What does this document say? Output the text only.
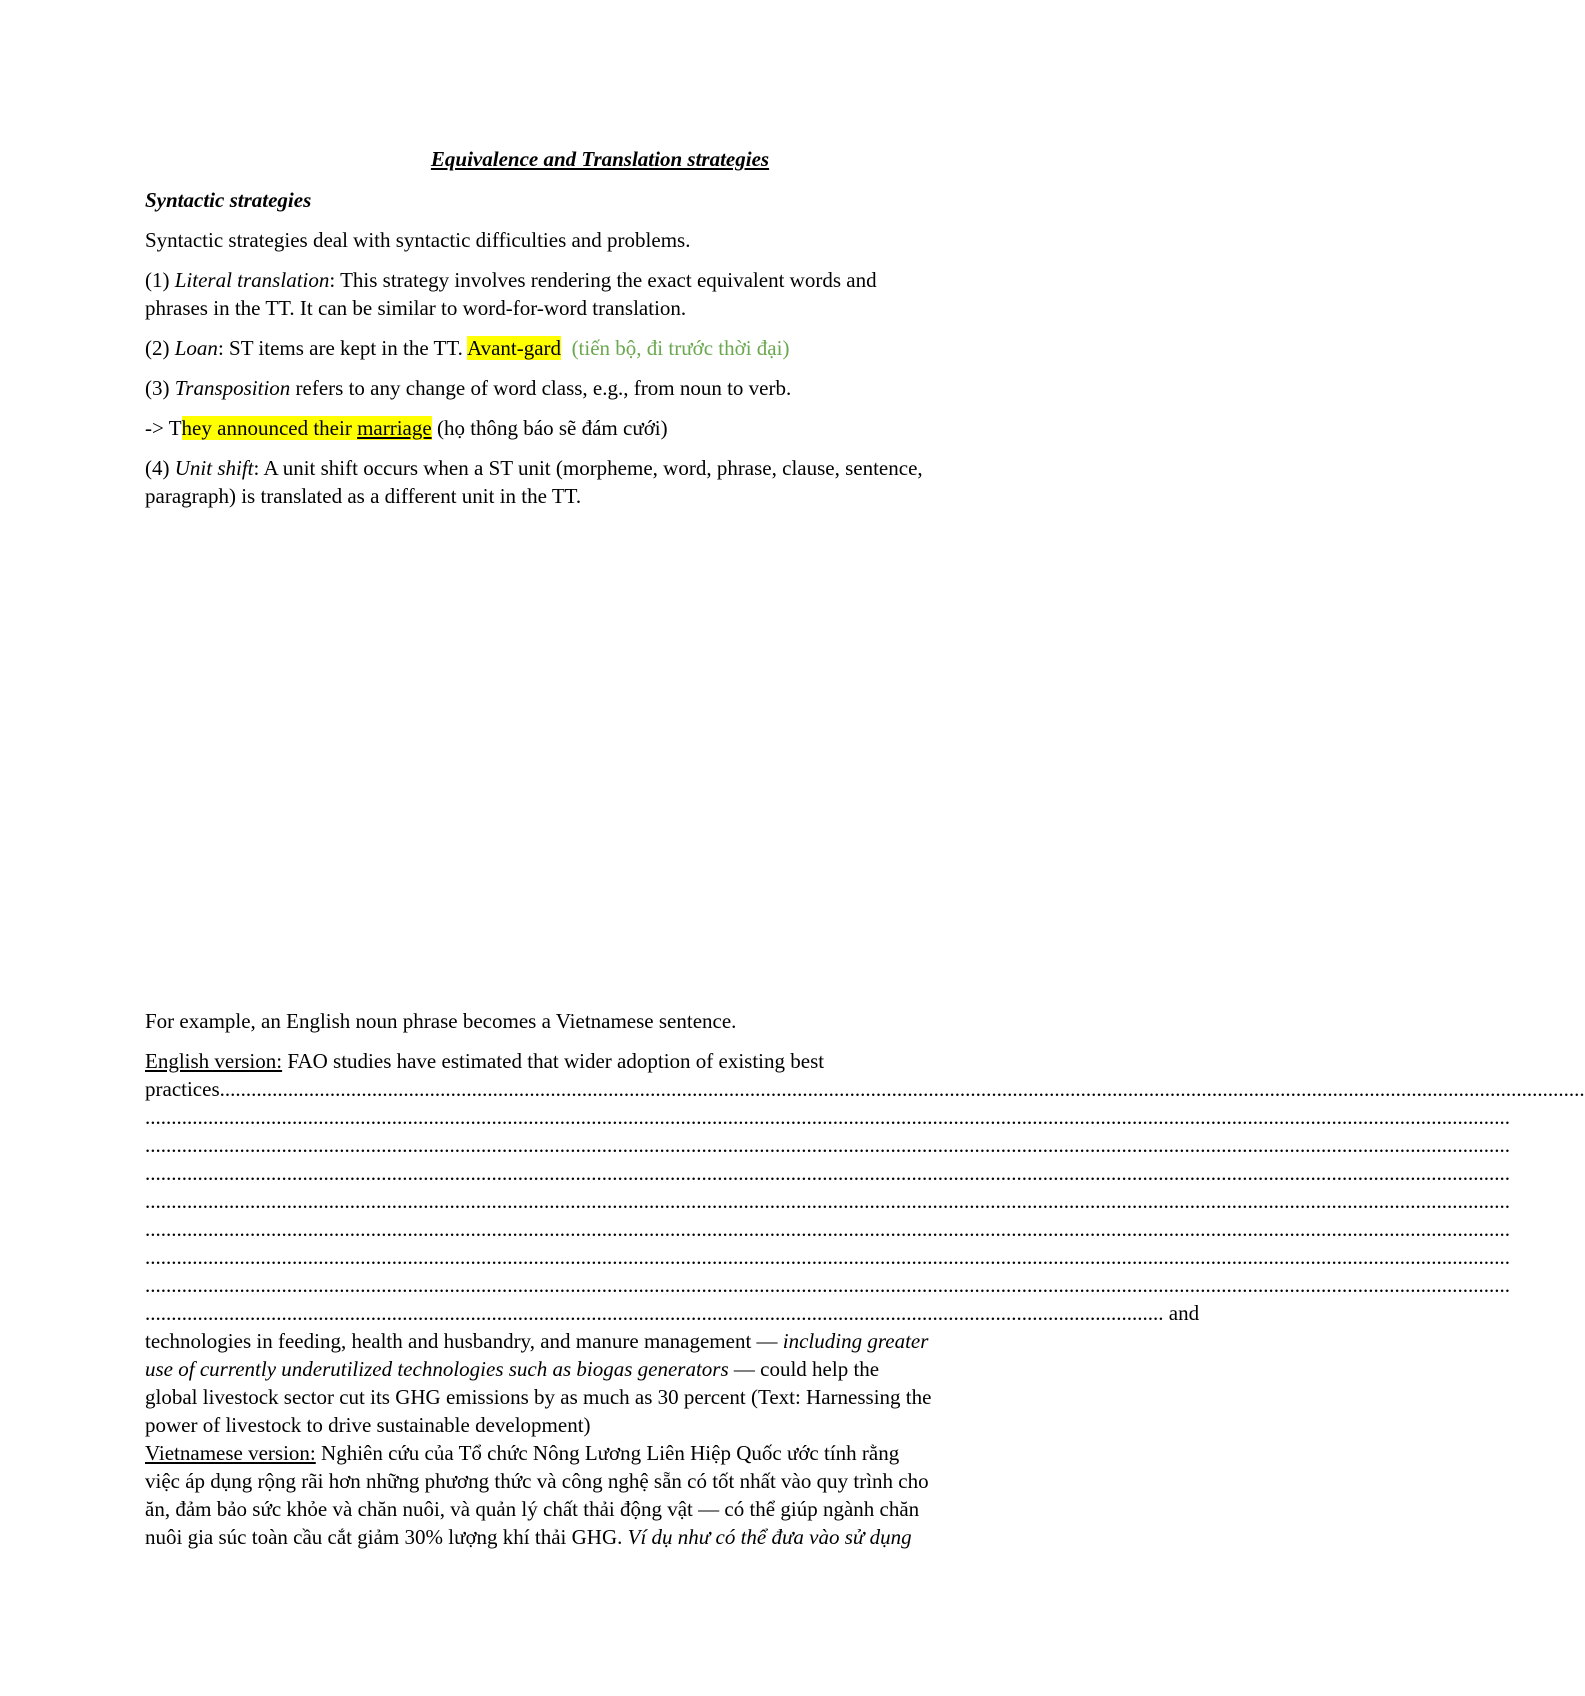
Equivalence and Translation strategies
Syntactic strategies
Syntactic strategies deal with syntactic difficulties and problems.
(1) Literal translation: This strategy involves rendering the exact equivalent words and
phrases in the TT. It can be similar to word-for-word translation.
(2) Loan: ST items are kept in the TT. Avant-gard (tiến bộ, đi trước thời đại)
(3) Transposition refers to any change of word class, e.g., from noun to verb.
-> They announced their marriage (họ thông báo sẽ đám cưới)
(4) Unit shift: A unit shift occurs when a ST unit (morpheme, word, phrase, clause, sentence,
paragraph) is translated as a different unit in the TT.
For example, an English noun phrase becomes a Vietnamese sentence.
English version: FAO studies have estimated that wider adoption of existing best

practices....................................................................................................................................................................................................................................................................
....................................................................................................................................................................................................................................................................
....................................................................................................................................................................................................................................................................
....................................................................................................................................................................................................................................................................
....................................................................................................................................................................................................................................................................
....................................................................................................................................................................................................................................................................
....................................................................................................................................................................................................................................................................
....................................................................................................................................................................................................................................................................
.................................................................................................................................................................................................. and
technologies in feeding, health and husbandry, and manure management — including greater
use of currently underutilized technologies such as biogas generators — could help the
global livestock sector cut its GHG emissions by as much as 30 percent (Text: Harnessing the
power of livestock to drive sustainable development)
Vietnamese version: Nghiên cứu của Tổ chức Nông Lương Liên Hiệp Quốc ước tính rằng
việc áp dụng rộng rãi hơn những phương thức và công nghệ sẵn có tốt nhất vào quy trình cho
ăn, đảm bảo sức khỏe và chăn nuôi, và quản lý chất thải động vật — có thể giúp ngành chăn
nuôi gia súc toàn cầu cắt giảm 30% lượng khí thải GHG. Ví dụ như có thể đưa vào sử dụng
